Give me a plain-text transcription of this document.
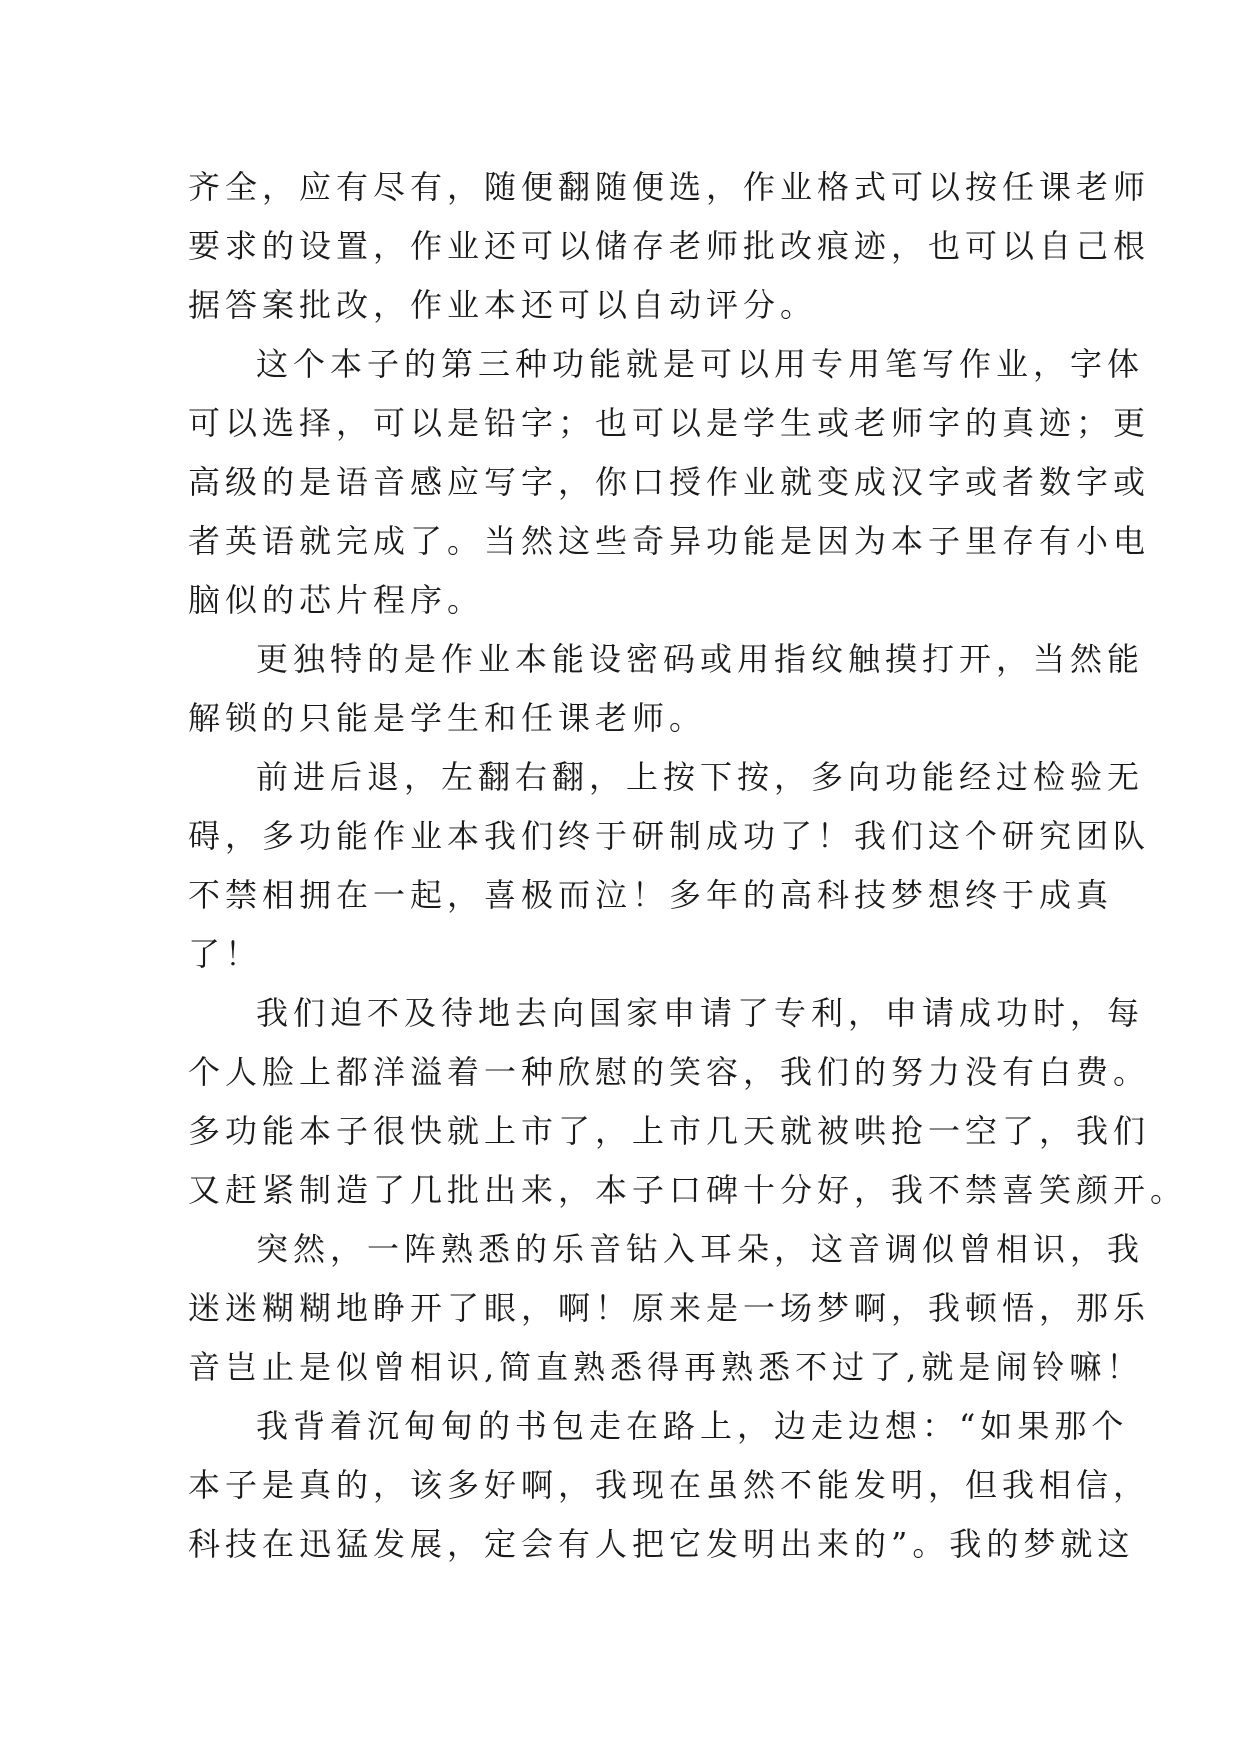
齐全，应有尽有，随便翻随便选，作业格式可以按任课老师
要求的设置，作业还可以储存老师批改痕迹，也可以自己根
据答案批改，作业本还可以自动评分。
这个本子的第三种功能就是可以用专用笔写作业，字体
可以选择，可以是铅字；也可以是学生或老师字的真迹；更
高级的是语音感应写字，你口授作业就变成汉字或者数字或
者英语就完成了。当然这些奇异功能是因为本子里存有小电
脑似的芯片程序。
更独特的是作业本能设密码或用指纹触摸打开，当然能
解锁的只能是学生和任课老师。
前进后退，左翻右翻，上按下按，多向功能经过检验无
碍，多功能作业本我们终于研制成功了！我们这个研究团队
不禁相拥在一起，喜极而泣！多年的高科技梦想终于成真
了！
我们迫不及待地去向国家申请了专利，申请成功时，每
个人脸上都洋溢着一种欣慰的笑容，我们的努力没有白费。
多功能本子很快就上市了，上市几天就被哄抢一空了，我们
又赶紧制造了几批出来，本子口碑十分好，我不禁喜笑颜开。
突然，一阵熟悉的乐音钻入耳朵，这音调似曾相识，我
迷迷糊糊地睁开了眼，啊！原来是一场梦啊，我顿悟，那乐
音岂止是似曾相识,简直熟悉得再熟悉不过了,就是闹铃嘛！
我背着沉甸甸的书包走在路上，边走边想：“如果那个
本子是真的，该多好啊，我现在虽然不能发明，但我相信，
科技在迅猛发展，定会有人把它发明出来的”。我的梦就这
